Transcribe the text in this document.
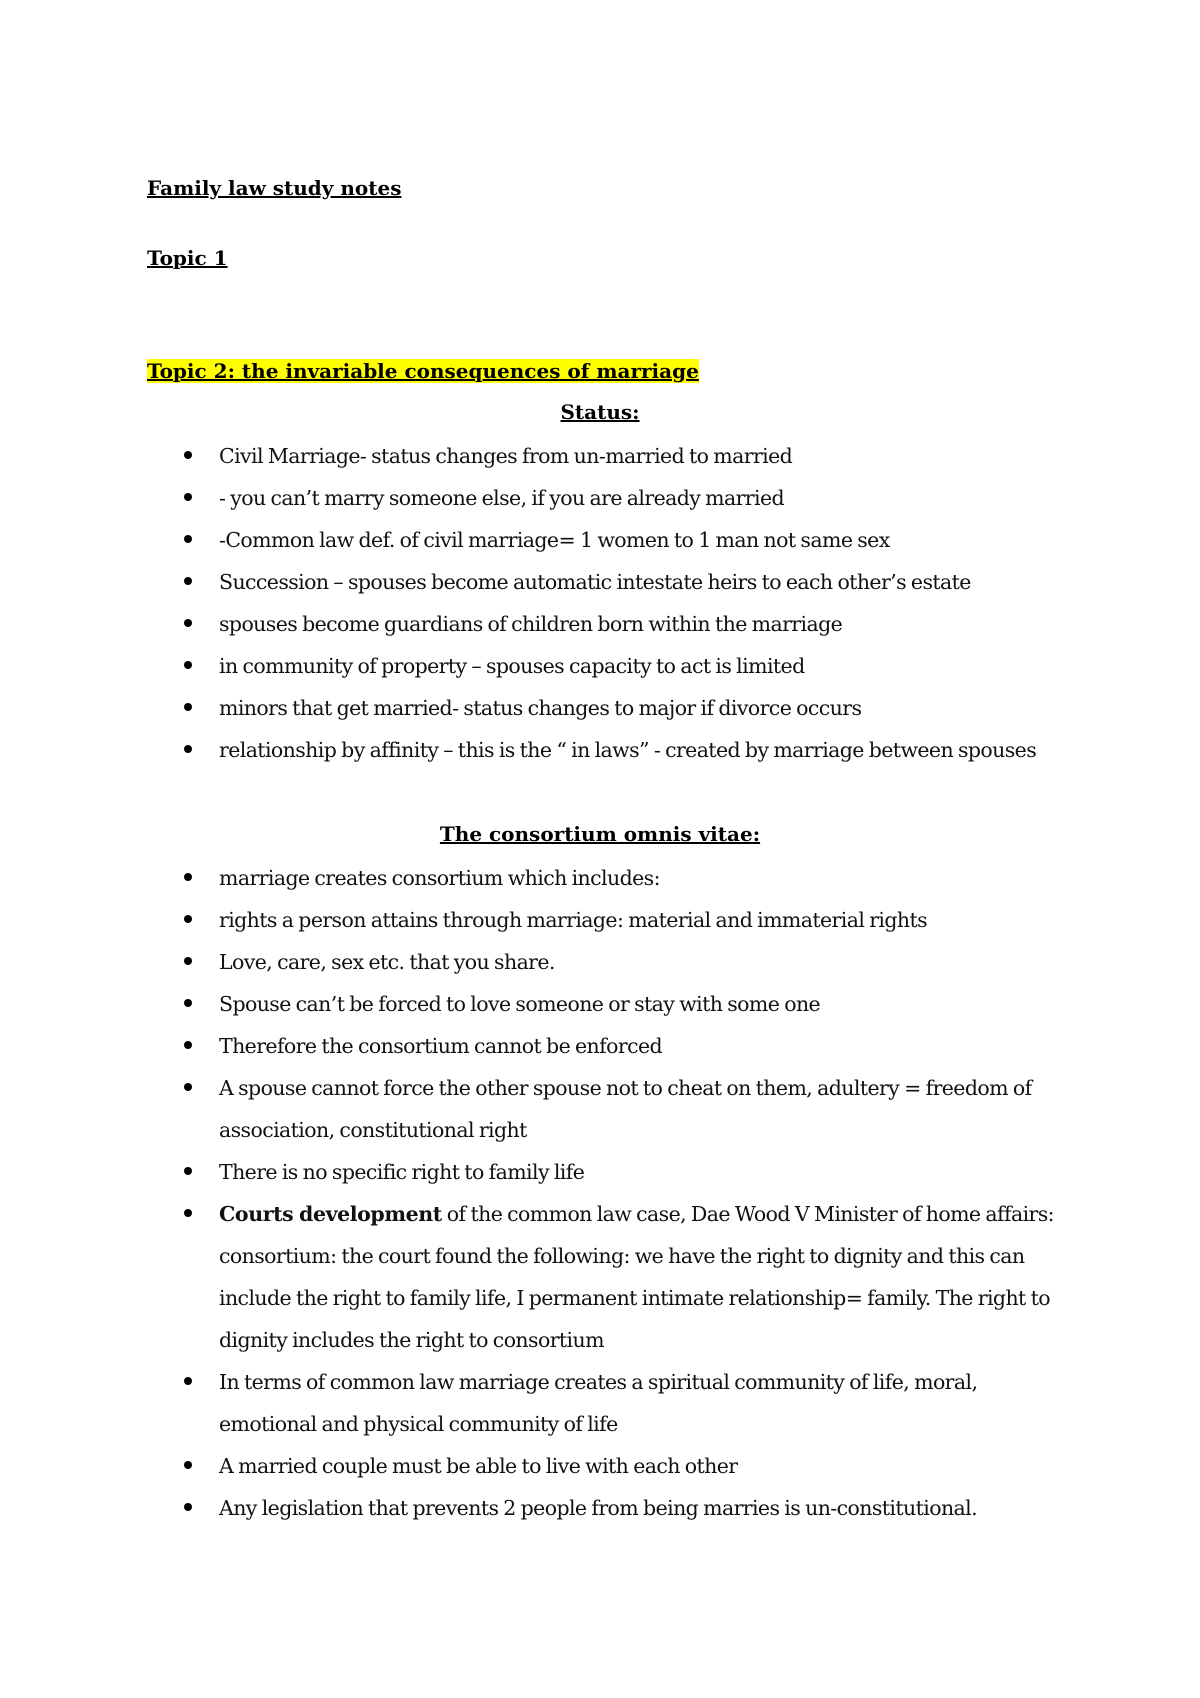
Family law study notes
Topic 1
Topic 2: the invariable consequences of marriage
Status:
Civil Marriage- status changes from un-married to married
- you can’t marry someone else, if you are already married
-Common law def. of civil marriage= 1 women to 1 man not same sex
Succession – spouses become automatic intestate heirs to each other’s estate
spouses become guardians of children born within the marriage
in community of property – spouses capacity to act is limited
minors that get married- status changes to major if divorce occurs
relationship by affinity – this is the “ in laws” - created by marriage between spouses
The consortium omnis vitae:
marriage creates consortium which includes:
rights a person attains through marriage: material and immaterial rights
Love, care, sex etc. that you share.
Spouse can’t be forced to love someone or stay with some one
Therefore the consortium cannot be enforced
A spouse cannot force the other spouse not to cheat on them, adultery = freedom of association, constitutional right
There is no specific right to family life
Courts development of the common law case, Dae Wood V Minister of home affairs: consortium: the court found the following: we have the right to dignity and this can include the right to family life, I permanent intimate relationship= family. The right to dignity includes the right to consortium
In terms of common law marriage creates a spiritual community of life, moral, emotional and physical community of life
A married couple must be able to live with each other
Any legislation that prevents 2 people from being marries is un-constitutional.
